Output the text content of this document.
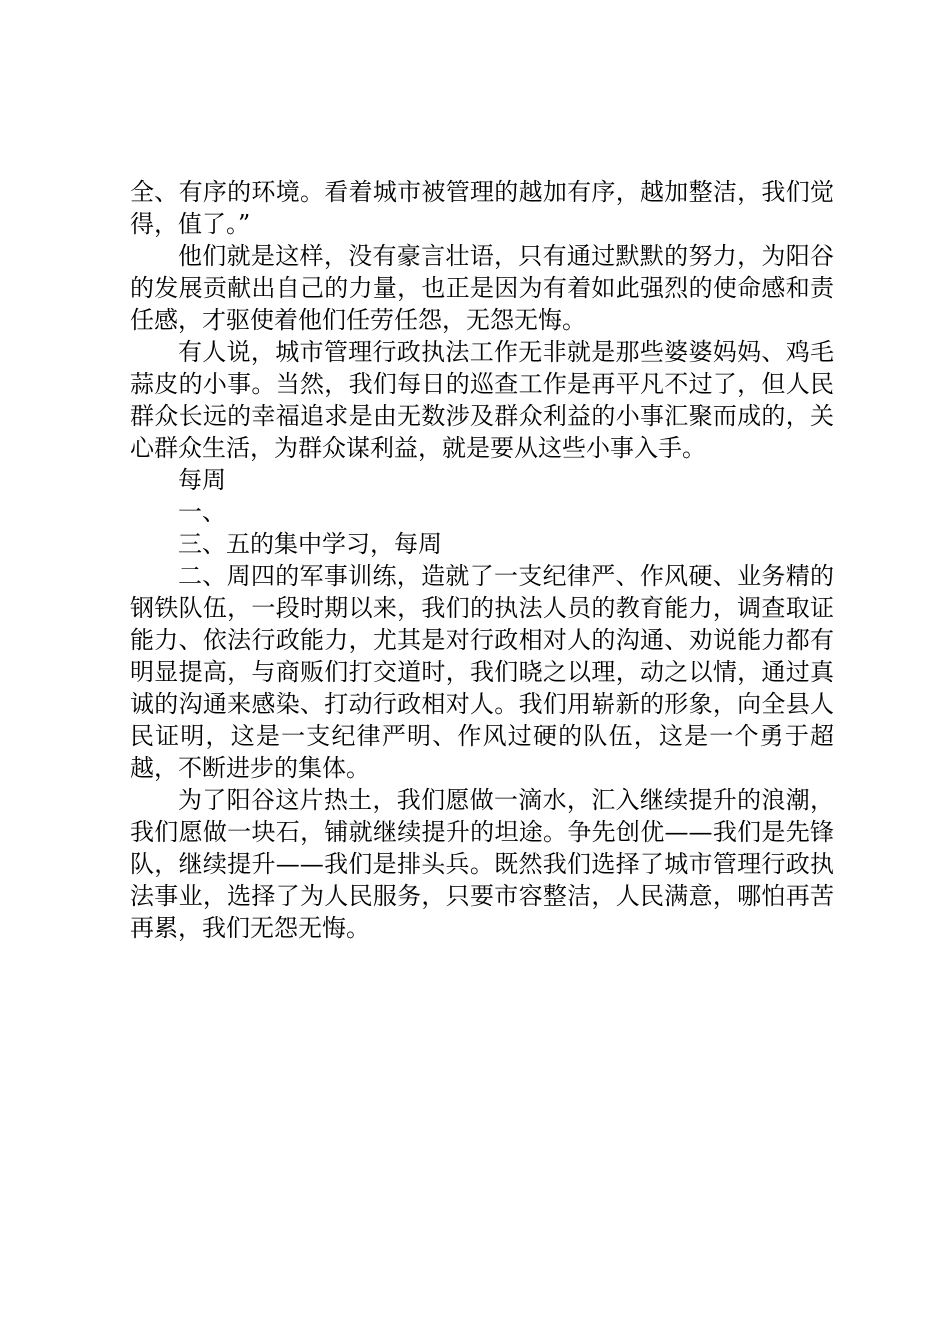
全、有序的环境。看着城市被管理的越加有序，越加整洁，我们觉得，值了。”

他们就是这样，没有豪言壮语，只有通过默默的努力，为阳谷的发展贡献出自己的力量，也正是因为有着如此强烈的使命感和责任感，才驱使着他们任劳任怨，无怨无悔。

有人说，城市管理行政执法工作无非就是那些婆婆妈妈、鸡毛蒜皮的小事。当然，我们每日的巡查工作是再平凡不过了，但人民群众长远的幸福追求是由无数涉及群众利益的小事汇聚而成的，关心群众生活，为群众谋利益，就是要从这些小事入手。

每周

一、

三、五的集中学习，每周

二、周四的军事训练，造就了一支纪律严、作风硬、业务精的钢铁队伍，一段时期以来，我们的执法人员的教育能力，调查取证能力、依法行政能力，尤其是对行政相对人的沟通、劝说能力都有明显提高，与商贩们打交道时，我们晓之以理，动之以情，通过真诚的沟通来感染、打动行政相对人。我们用崭新的形象，向全县人民证明，这是一支纪律严明、作风过硬的队伍，这是一个勇于超越，不断进步的集体。

为了阳谷这片热土，我们愿做一滴水，汇入继续提升的浪潮，我们愿做一块石，铺就继续提升的坦途。争先创优——我们是先锋队，继续提升——我们是排头兵。既然我们选择了城市管理行政执法事业，选择了为人民服务，只要市容整洁，人民满意，哪怕再苦再累，我们无怨无悔。
